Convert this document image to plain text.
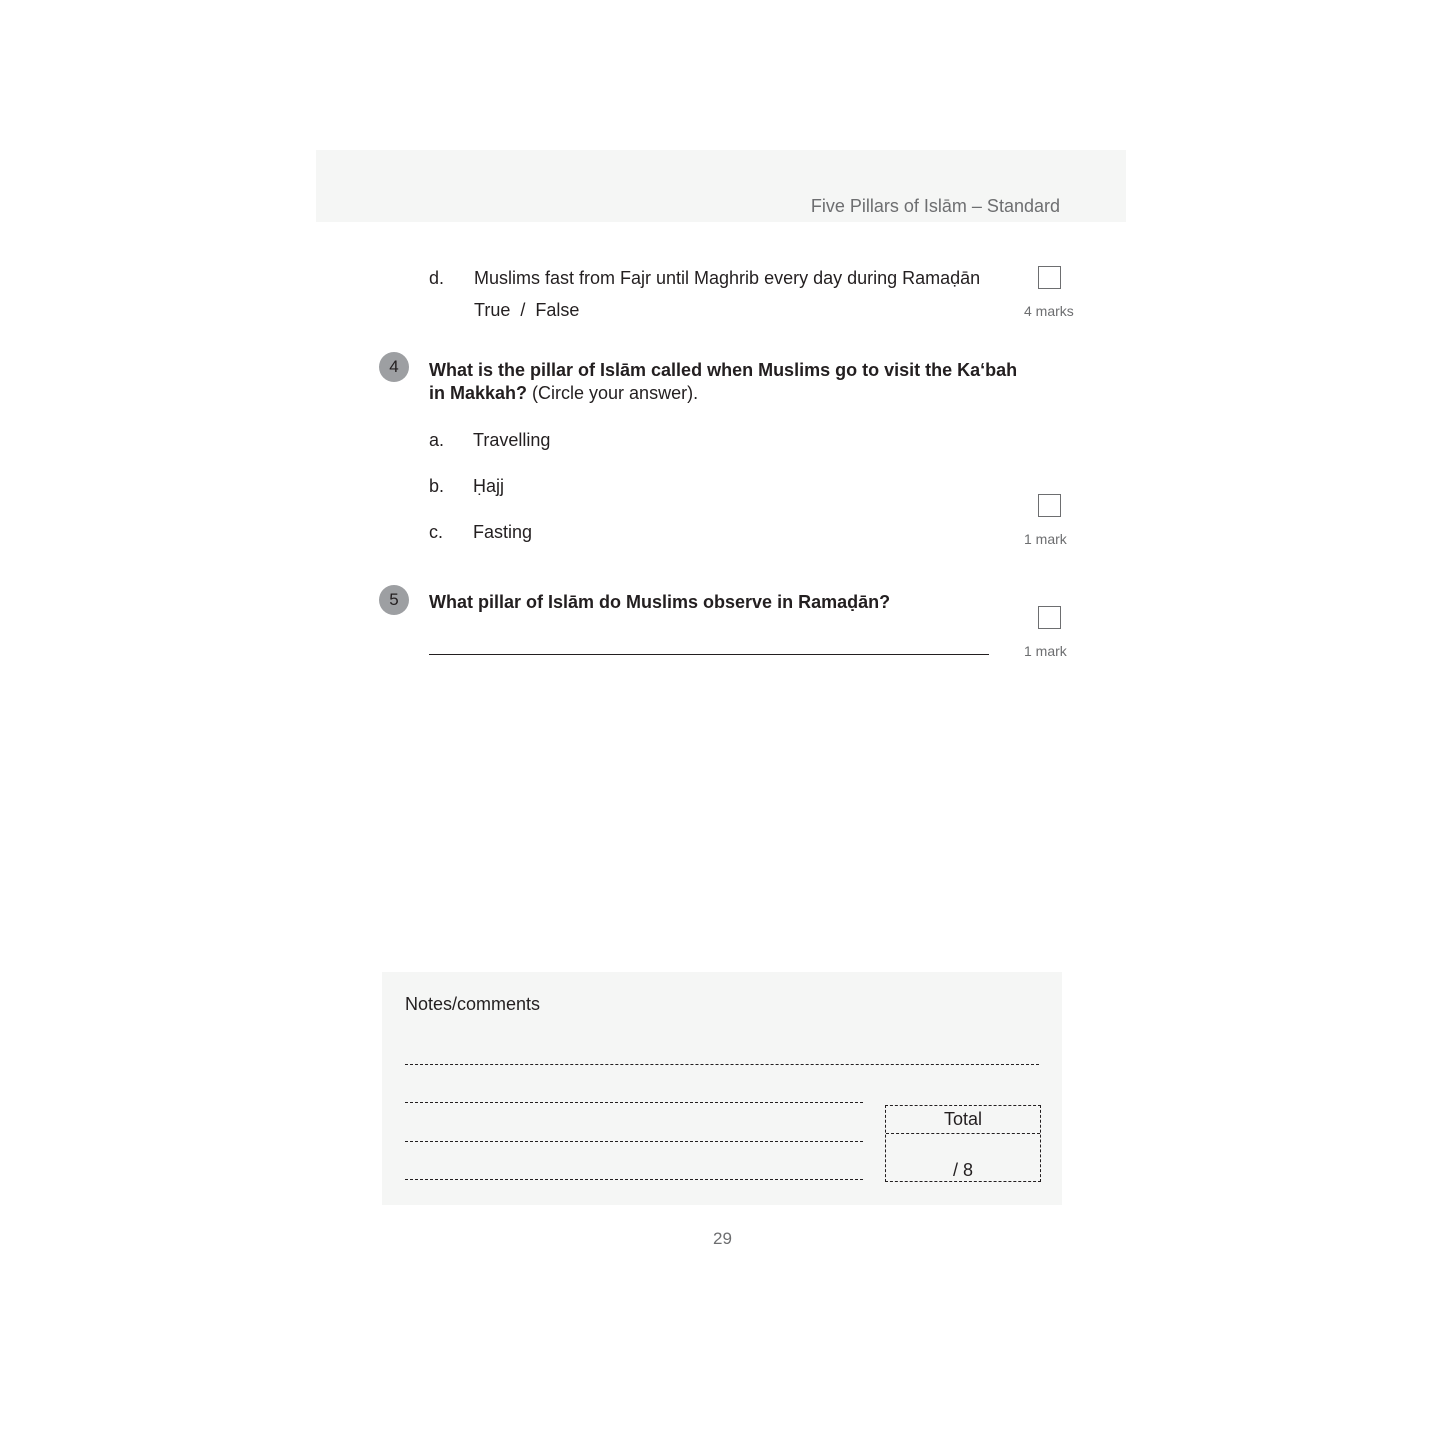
Five Pillars of Islām – Standard
d. Muslims fast from Fajr until Maghrib every day during Ramaḍān
True  /  False	4 marks
4	What is the pillar of Islām called when Muslims go to visit the Ka‘bah
in Makkah? (Circle your answer).
a. Travelling
b. Ḥajj
c. Fasting	1 mark
5	What pillar of Islām do Muslims observe in Ramaḍān?
1 mark
Notes/comments
Total
/ 8
29
